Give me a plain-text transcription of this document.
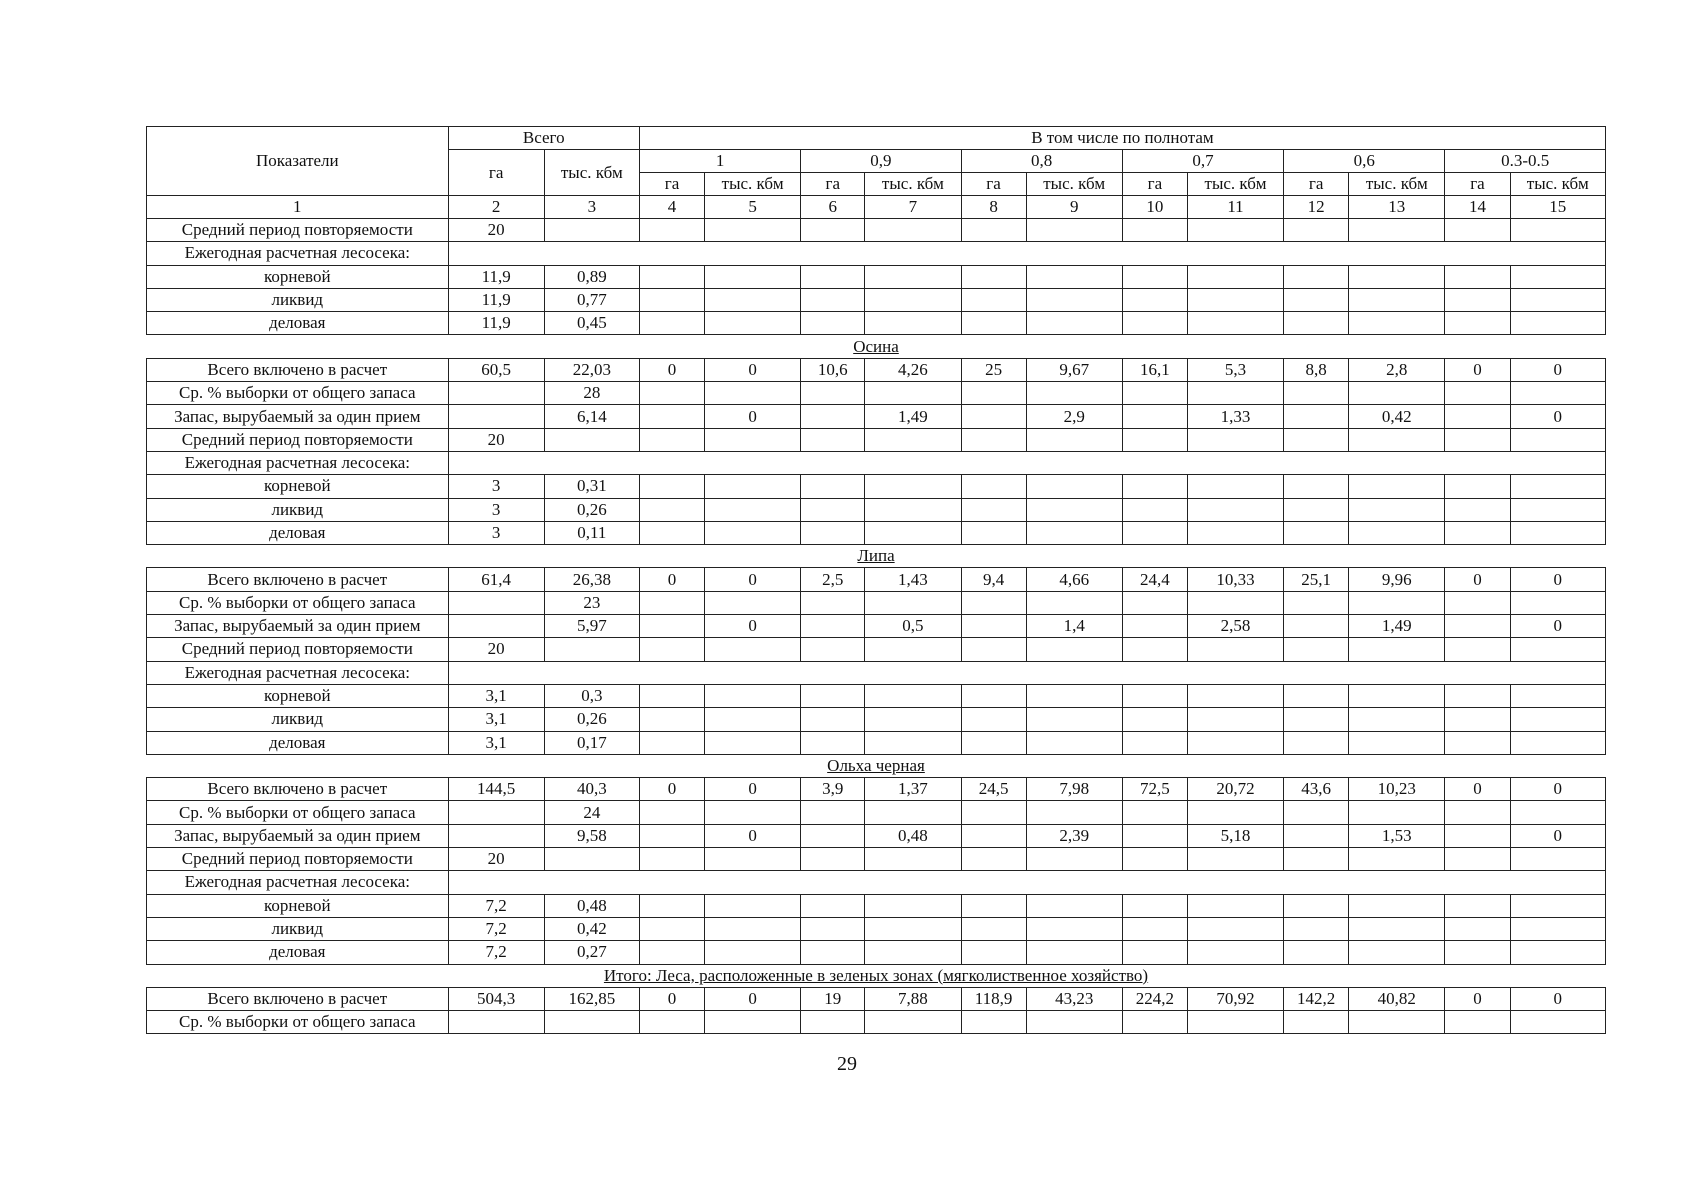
Показатели	Всего		В том числе по полнотам											
	га	тыс. кбм	1		0,9		0,8		0,7		0,6		0.3-0.5	
			га	тыс. кбм	га	тыс. кбм	га	тыс. кбм	га	тыс. кбм	га	тыс. кбм	га	тыс. кбм
1	2	3	4	5	6	7	8	9	10	11	12	13	14	15
Средний период повторяемости	20													
Ежегодная расчетная лесосека:														
корневой	11,9	0,89												
ликвид	11,9	0,77												
деловая	11,9	0,45												
Осина														
Всего включено в расчет	60,5	22,03	0	0	10,6	4,26	25	9,67	16,1	5,3	8,8	2,8	0	0
Ср. % выборки от общего запаса		28												
Запас, вырубаемый за один прием		6,14		0		1,49		2,9		1,33		0,42		0
Средний период повторяемости	20													
Ежегодная расчетная лесосека:														
корневой	3	0,31												
ликвид	3	0,26												
деловая	3	0,11												
Липа														
Всего включено в расчет	61,4	26,38	0	0	2,5	1,43	9,4	4,66	24,4	10,33	25,1	9,96	0	0
Ср. % выборки от общего запаса		23												
Запас, вырубаемый за один прием		5,97		0		0,5		1,4		2,58		1,49		0
Средний период повторяемости	20													
Ежегодная расчетная лесосека:														
корневой	3,1	0,3												
ликвид	3,1	0,26												
деловая	3,1	0,17												
Ольха черная														
Всего включено в расчет	144,5	40,3	0	0	3,9	1,37	24,5	7,98	72,5	20,72	43,6	10,23	0	0
Ср. % выборки от общего запаса		24												
Запас, вырубаемый за один прием		9,58		0		0,48		2,39		5,18		1,53		0
Средний период повторяемости	20													
Ежегодная расчетная лесосека:														
корневой	7,2	0,48												
ликвид	7,2	0,42												
деловая	7,2	0,27												
Итого: Леса, расположенные в зеленых зонах (мягколиственное хозяйство)														
Всего включено в расчет	504,3	162,85	0	0	19	7,88	118,9	43,23	224,2	70,92	142,2	40,82	0	0
Ср. % выборки от общего запаса														
29
